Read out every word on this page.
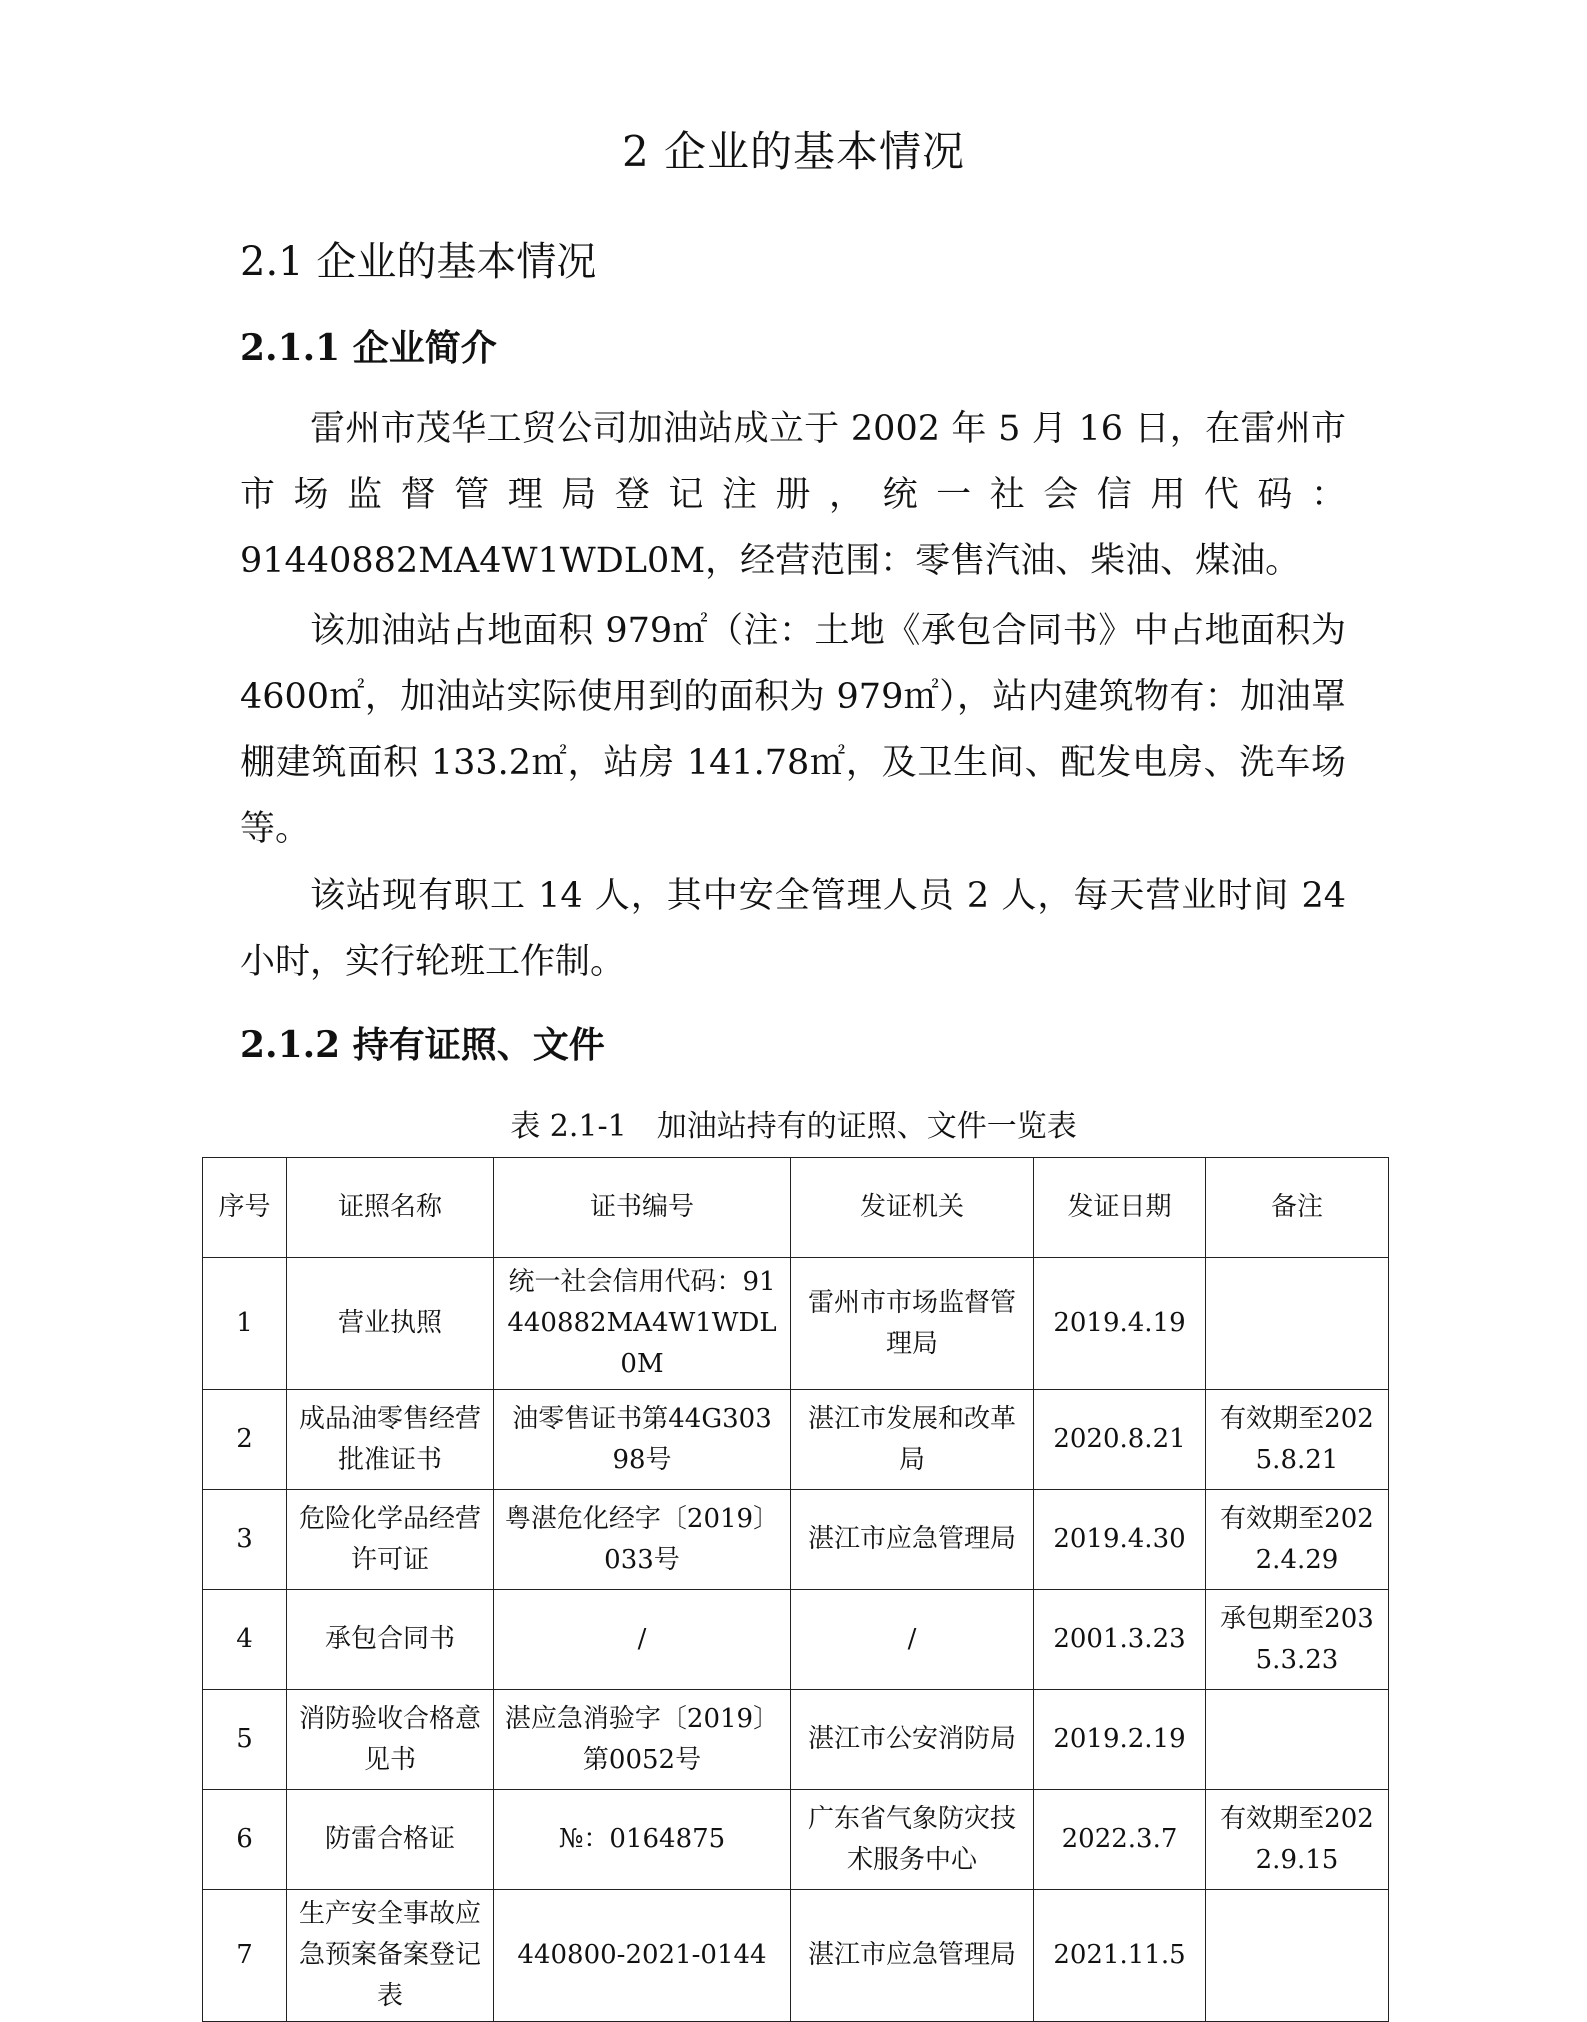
2 企业的基本情况
2.1 企业的基本情况
2.1.1 企业简介

雷州市茂华工贸公司加油站成立于 2002 年 5 月 16 日，在雷州市市场监督管理局登记注册，统一社会信用代码：91440882MA4W1WDL0M，经营范围：零售汽油、柴油、煤油。

该加油站占地面积 979㎡（注：土地《承包合同书》中占地面积为 4600㎡，加油站实际使用到的面积为 979㎡），站内建筑物有：加油罩棚建筑面积 133.2㎡，站房 141.78㎡，及卫生间、配发电房、洗车场等。

该站现有职工 14 人，其中安全管理人员 2 人，每天营业时间 24 小时，实行轮班工作制。

2.1.2 持有证照、文件
表 2.1-1　加油站持有的证照、文件一览表
序号	证照名称	证书编号	发证机关	发证日期	备注
1	营业执照	统一社会信用代码：91440882MA4W1WDL0M	雷州市市场监督管理局	2019.4.19	
2	成品油零售经营批准证书	油零售证书第44G30398号	湛江市发展和改革局	2020.8.21	有效期至2025.8.21
3	危险化学品经营许可证	粤湛危化经字〔2019〕033号	湛江市应急管理局	2019.4.30	有效期至2022.4.29
4	承包合同书	/	/	2001.3.23	承包期至2035.3.23
5	消防验收合格意见书	湛应急消验字〔2019〕第0052号	湛江市公安消防局	2019.2.19	
6	防雷合格证	№：0164875	广东省气象防灾技术服务中心	2022.3.7	有效期至2022.9.15
7	生产安全事故应急预案备案登记表	440800-2021-0144	湛江市应急管理局	2021.11.5	
